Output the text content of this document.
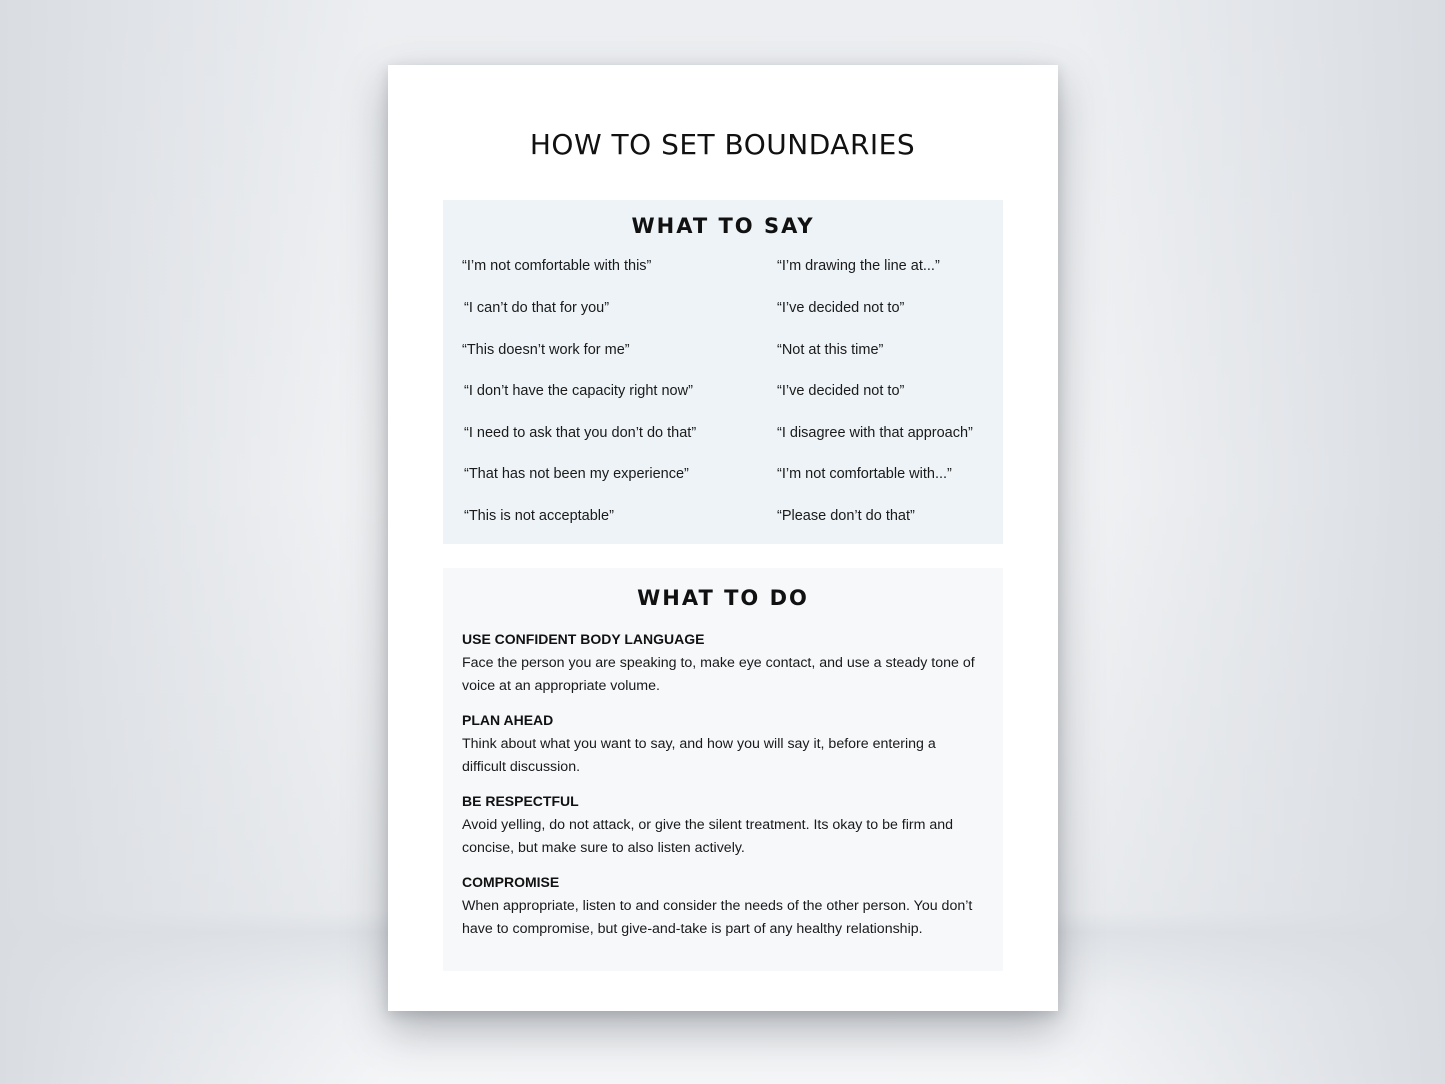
HOW TO SET BOUNDARIES
WHAT TO SAY
“I’m not comfortable with this”
“I can’t do that for you”
“This doesn’t work for me”
“I don’t have the capacity right now”
“I need to ask that you don’t do that”
“That has not been my experience”
“This is not acceptable”
“I’m drawing the line at...”
“I’ve decided not to”
“Not at this time”
“I’ve decided not to”
“I disagree with that approach”
“I’m not comfortable with...”
“Please don’t do that”
WHAT TO DO

USE CONFIDENT BODY LANGUAGE

Face the person you are speaking to, make eye contact, and use a steady tone of voice at an appropriate volume.

PLAN AHEAD

Think about what you want to say, and how you will say it, before entering a difficult discussion.

BE RESPECTFUL

Avoid yelling, do not attack, or give the silent treatment. Its okay to be firm and concise, but make sure to also listen actively.

COMPROMISE

When appropriate, listen to and consider the needs of the other person. You don’t have to compromise, but give-and-take is part of any healthy relationship.
